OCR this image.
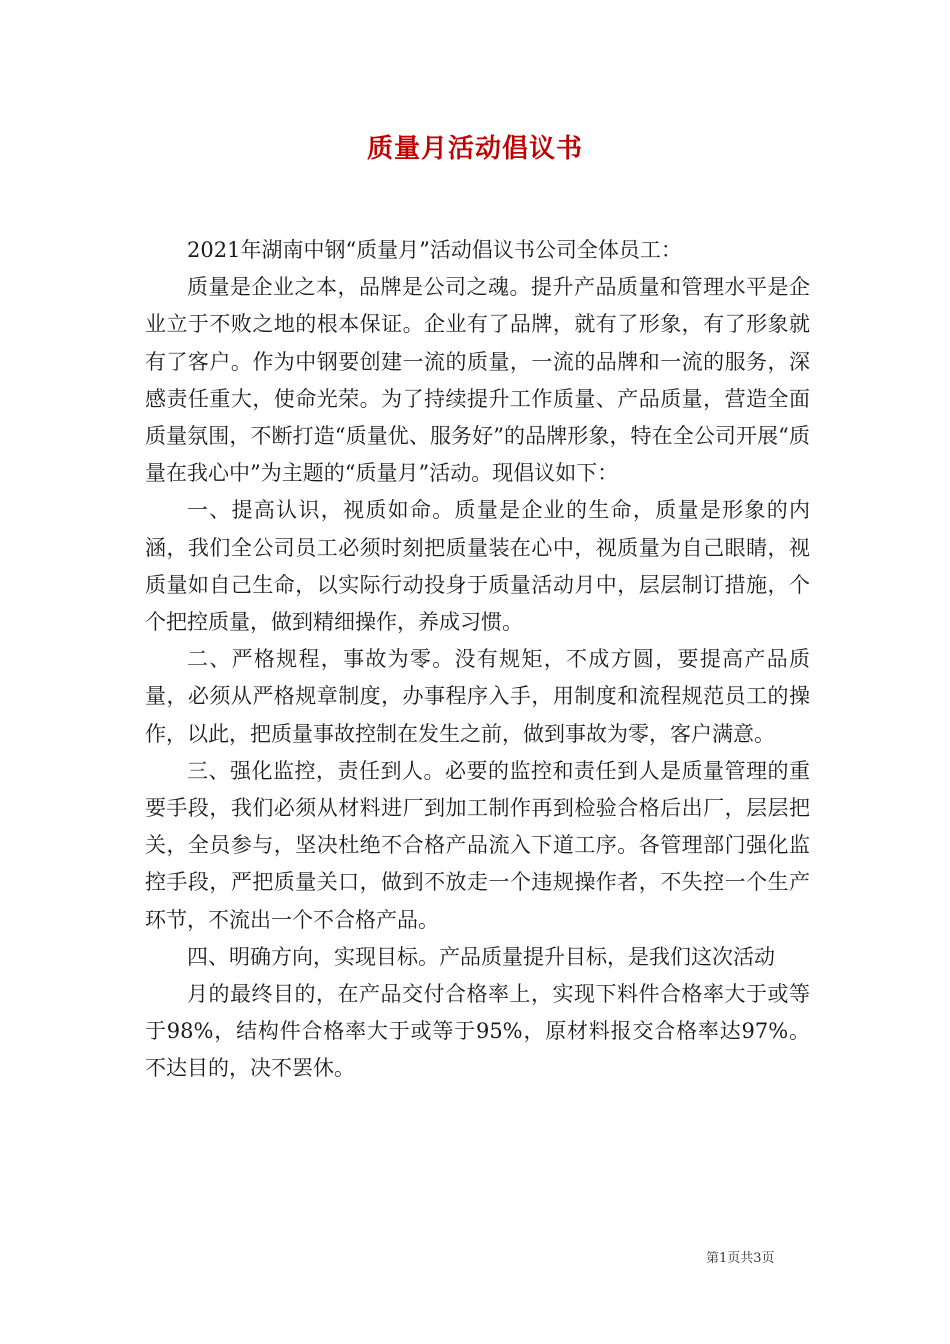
质量月活动倡议书

2021年湖南中钢“质量月”活动倡议书公司全体员工：

质量是企业之本，品牌是公司之魂。提升产品质量和管理水平是企业立于不败之地的根本保证。企业有了品牌，就有了形象，有了形象就有了客户。作为中钢要创建一流的质量，一流的品牌和一流的服务，深感责任重大，使命光荣。为了持续提升工作质量、产品质量，营造全面质量氛围，不断打造“质量优、服务好”的品牌形象，特在全公司开展“质量在我心中”为主题的“质量月”活动。现倡议如下：

一、提高认识，视质如命。质量是企业的生命，质量是形象的内涵，我们全公司员工必须时刻把质量装在心中，视质量为自己眼睛，视质量如自己生命，以实际行动投身于质量活动月中，层层制订措施，个个把控质量，做到精细操作，养成习惯。

二、严格规程，事故为零。没有规矩，不成方圆，要提高产品质量，必须从严格规章制度，办事程序入手，用制度和流程规范员工的操作，以此，把质量事故控制在发生之前，做到事故为零，客户满意。

三、强化监控，责任到人。必要的监控和责任到人是质量管理的重要手段，我们必须从材料进厂到加工制作再到检验合格后出厂，层层把关，全员参与，坚决杜绝不合格产品流入下道工序。各管理部门强化监控手段，严把质量关口，做到不放走一个违规操作者，不失控一个生产环节，不流出一个不合格产品。

四、明确方向，实现目标。产品质量提升目标，是我们这次活动

月的最终目的，在产品交付合格率上，实现下料件合格率大于或等于98%，结构件合格率大于或等于95%，原材料报交合格率达97%。不达目的，决不罢休。

第1页共3页
